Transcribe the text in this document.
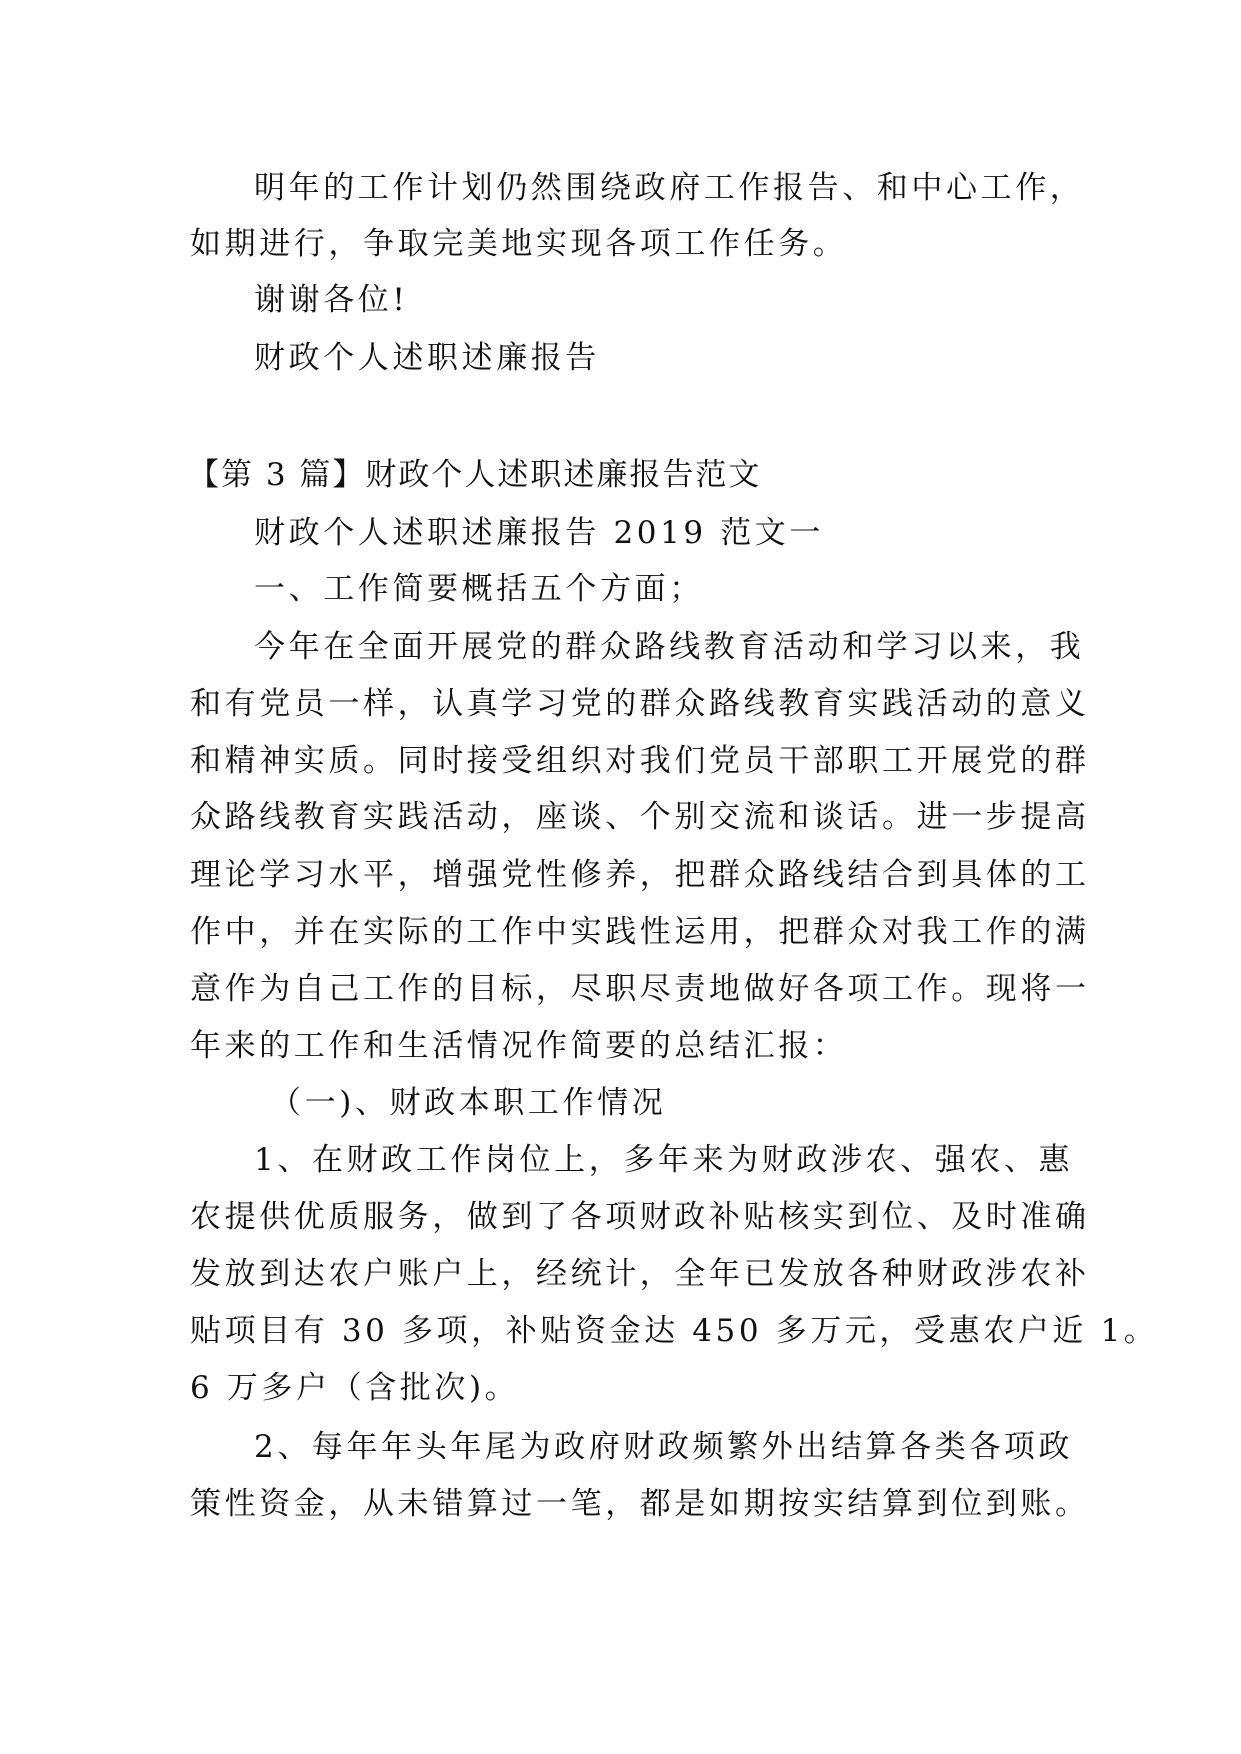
明年的工作计划仍然围绕政府工作报告、和中心工作，

如期进行，争取完美地实现各项工作任务。

谢谢各位!

财政个人述职述廉报告

【第 3 篇】财政个人述职述廉报告范文

财政个人述职述廉报告 2019 范文一

一、工作简要概括五个方面；

今年在全面开展党的群众路线教育活动和学习以来，我

和有党员一样，认真学习党的群众路线教育实践活动的意义

和精神实质。同时接受组织对我们党员干部职工开展党的群

众路线教育实践活动，座谈、个别交流和谈话。进一步提高

理论学习水平，增强党性修养，把群众路线结合到具体的工

作中，并在实际的工作中实践性运用，把群众对我工作的满

意作为自己工作的目标，尽职尽责地做好各项工作。现将一

年来的工作和生活情况作简要的总结汇报：

（一)、财政本职工作情况

1、在财政工作岗位上，多年来为财政涉农、强农、惠

农提供优质服务，做到了各项财政补贴核实到位、及时准确

发放到达农户账户上，经统计，全年已发放各种财政涉农补

贴项目有 30 多项，补贴资金达 450 多万元，受惠农户近 1。

6 万多户（含批次)。

2、每年年头年尾为政府财政频繁外出结算各类各项政

策性资金，从未错算过一笔，都是如期按实结算到位到账。
